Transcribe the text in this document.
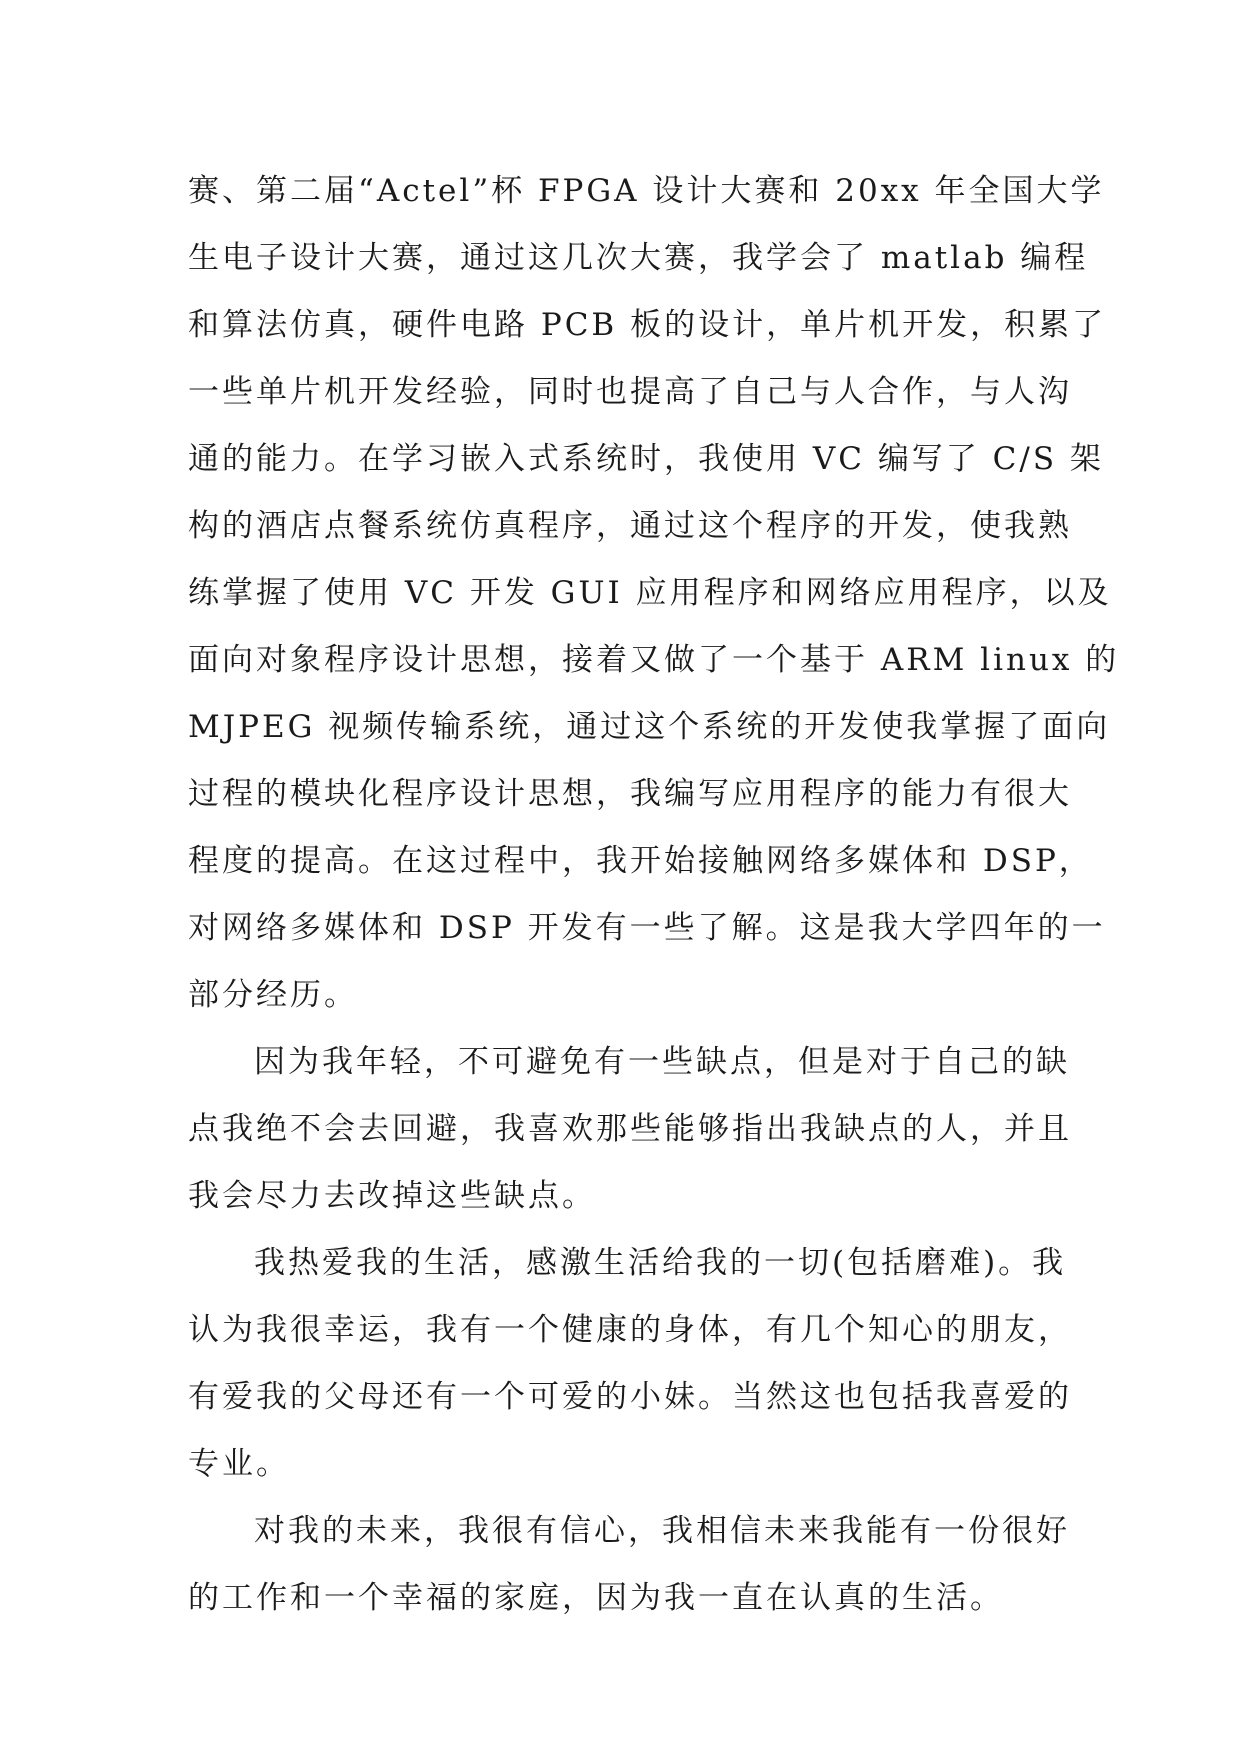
赛、第二届“Actel”杯 FPGA 设计大赛和 20xx 年全国大学
生电子设计大赛，通过这几次大赛，我学会了 matlab 编程
和算法仿真，硬件电路 PCB 板的设计，单片机开发，积累了
一些单片机开发经验，同时也提高了自己与人合作，与人沟
通的能力。在学习嵌入式系统时，我使用 VC 编写了 C/S 架
构的酒店点餐系统仿真程序，通过这个程序的开发，使我熟
练掌握了使用 VC 开发 GUI 应用程序和网络应用程序，以及
面向对象程序设计思想，接着又做了一个基于 ARM linux 的
MJPEG 视频传输系统，通过这个系统的开发使我掌握了面向
过程的模块化程序设计思想，我编写应用程序的能力有很大
程度的提高。在这过程中，我开始接触网络多媒体和 DSP，
对网络多媒体和 DSP 开发有一些了解。这是我大学四年的一
部分经历。
因为我年轻，不可避免有一些缺点，但是对于自己的缺
点我绝不会去回避，我喜欢那些能够指出我缺点的人，并且
我会尽力去改掉这些缺点。
我热爱我的生活，感激生活给我的一切(包括磨难)。我
认为我很幸运，我有一个健康的身体，有几个知心的朋友，
有爱我的父母还有一个可爱的小妹。当然这也包括我喜爱的
专业。
对我的未来，我很有信心，我相信未来我能有一份很好
的工作和一个幸福的家庭，因为我一直在认真的生活。
